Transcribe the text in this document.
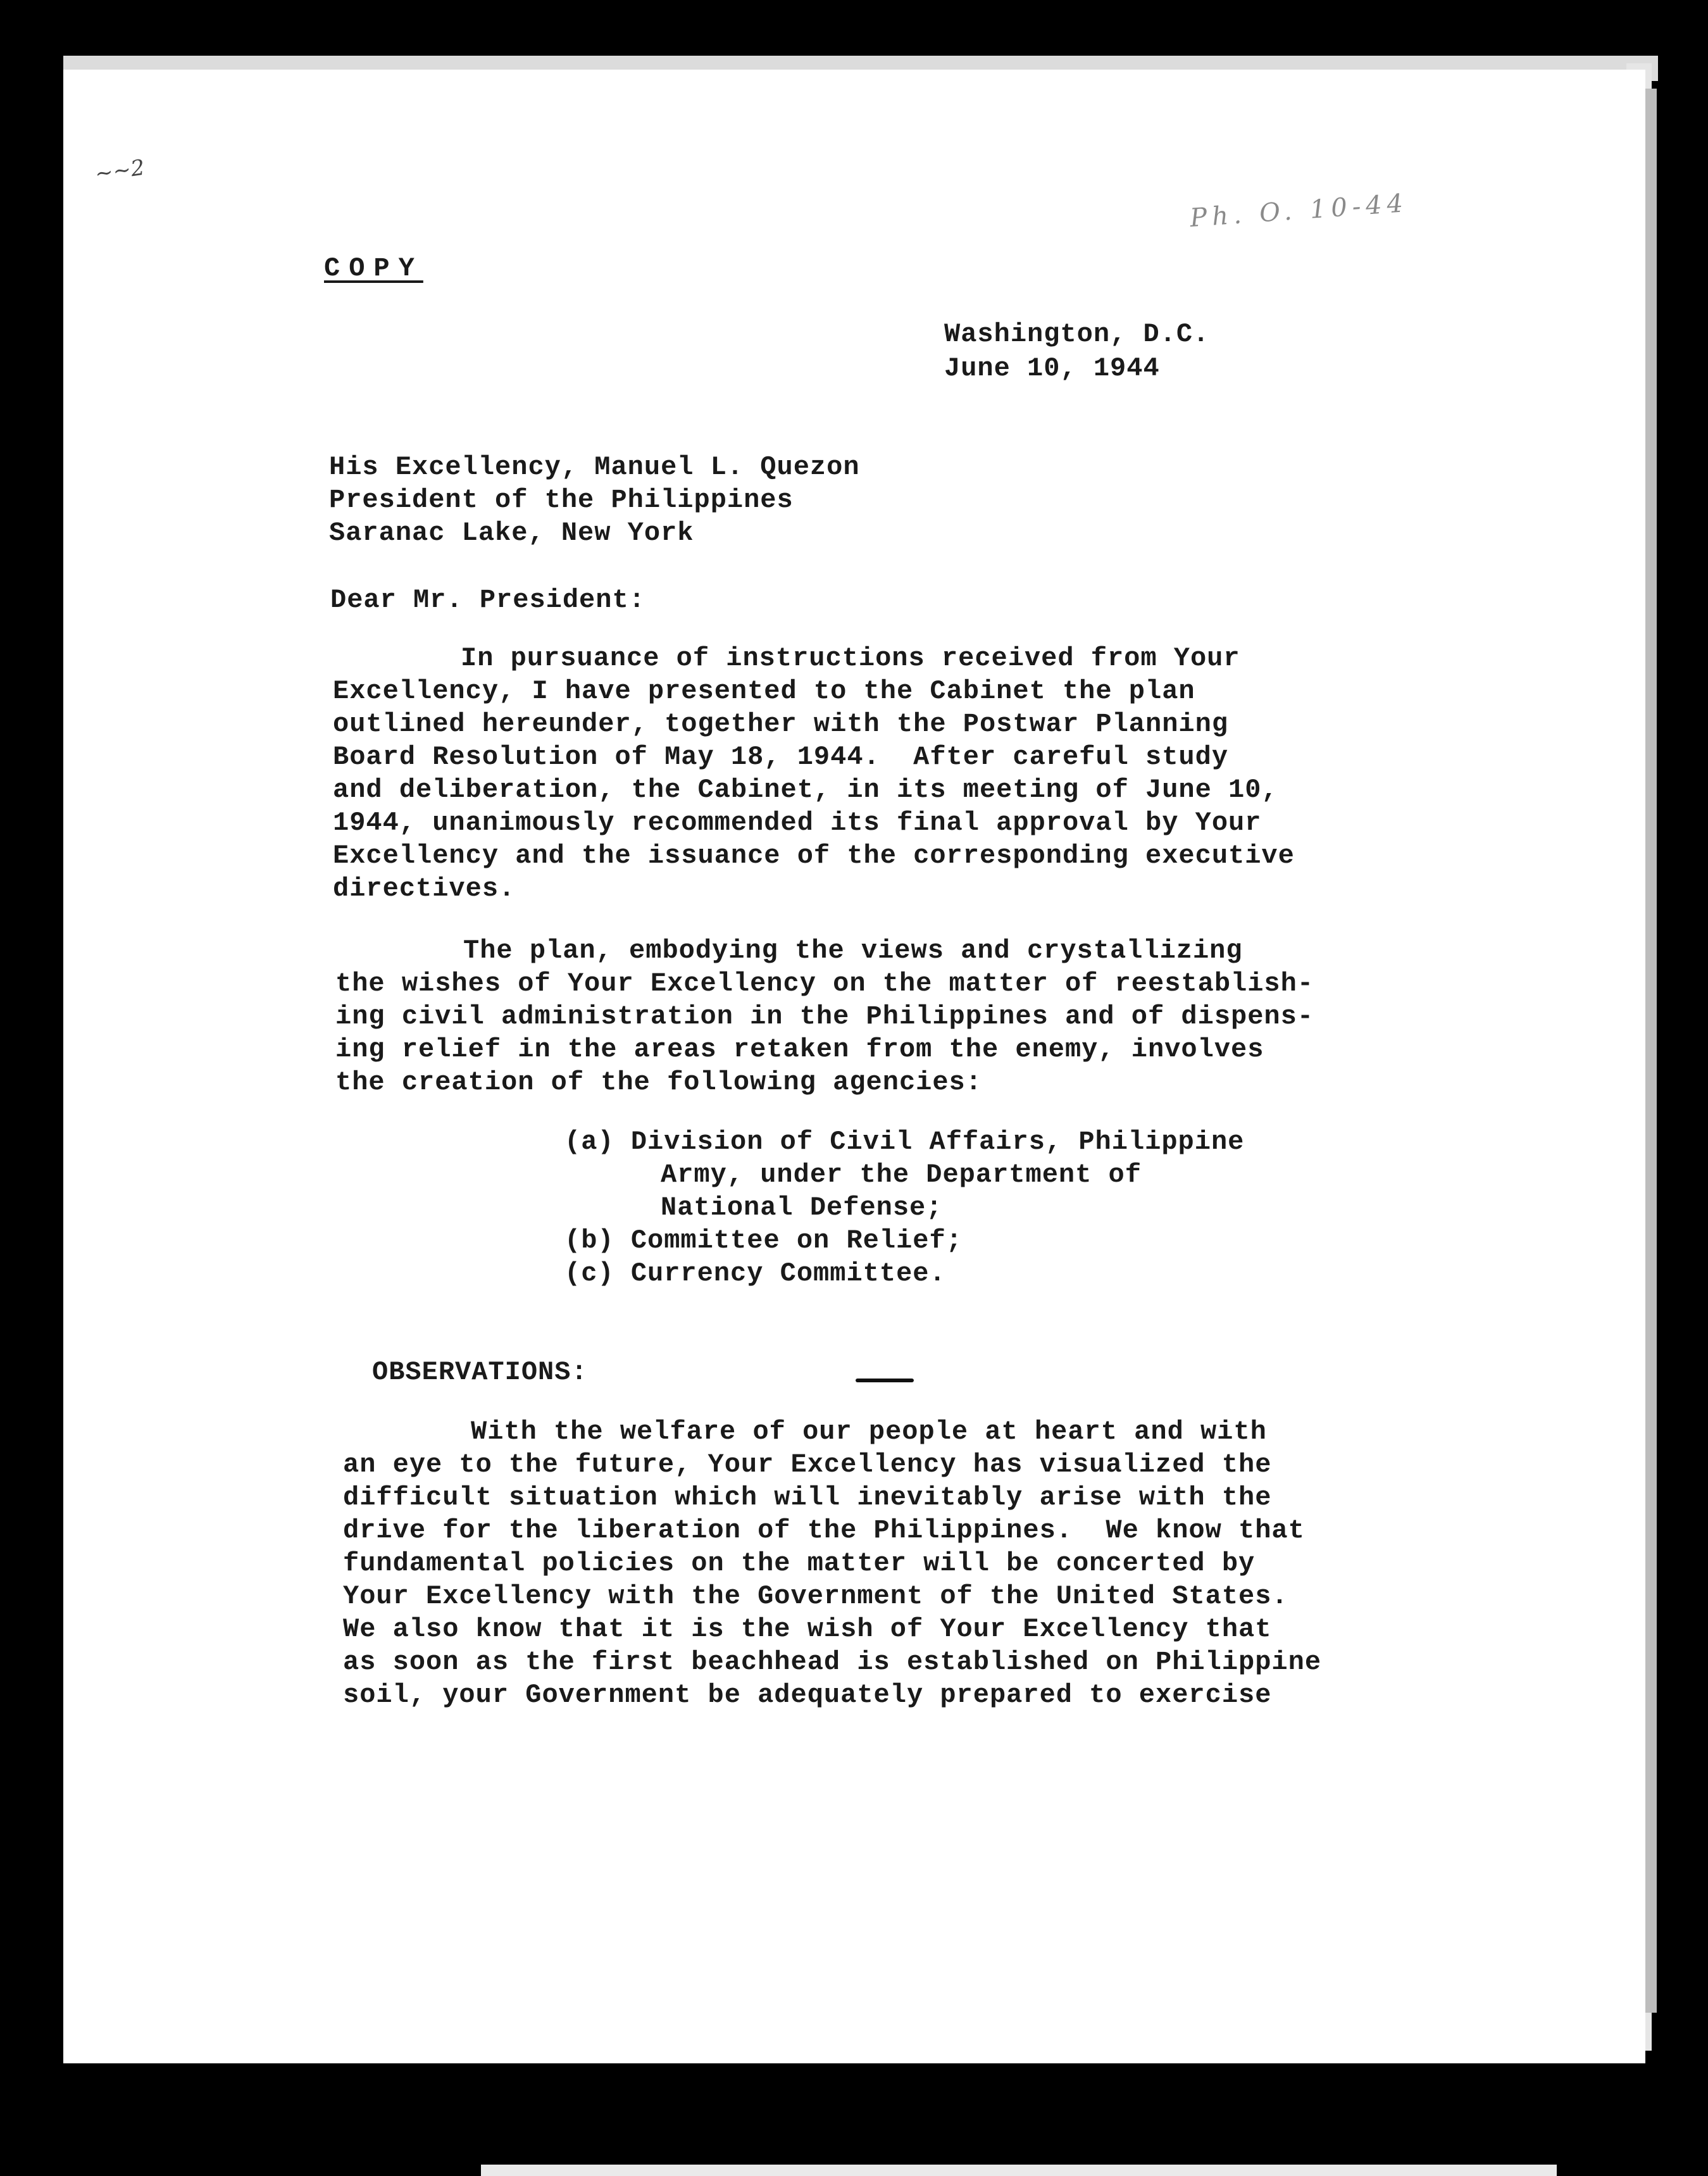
~~2
Ph. O. 10-44
COPY
Washington, D.C.
June 10, 1944
His Excellency, Manuel L. Quezon
President of the Philippines
Saranac Lake, New York
Dear Mr. President:
In pursuance of instructions received from Your
Excellency, I have presented to the Cabinet the plan
outlined hereunder, together with the Postwar Planning
Board Resolution of May 18, 1944.  After careful study
and deliberation, the Cabinet, in its meeting of June 10,
1944, unanimously recommended its final approval by Your
Excellency and the issuance of the corresponding executive
directives.
The plan, embodying the views and crystallizing
the wishes of Your Excellency on the matter of reestablish-
ing civil administration in the Philippines and of dispens-
ing relief in the areas retaken from the enemy, involves
the creation of the following agencies:
(a) Division of Civil Affairs, Philippine
Army, under the Department of
National Defense;
(b) Committee on Relief;
(c) Currency Committee.
OBSERVATIONS:
With the welfare of our people at heart and with
an eye to the future, Your Excellency has visualized the
difficult situation which will inevitably arise with the
drive for the liberation of the Philippines.  We know that
fundamental policies on the matter will be concerted by
Your Excellency with the Government of the United States.
We also know that it is the wish of Your Excellency that
as soon as the first beachhead is established on Philippine
soil, your Government be adequately prepared to exercise
